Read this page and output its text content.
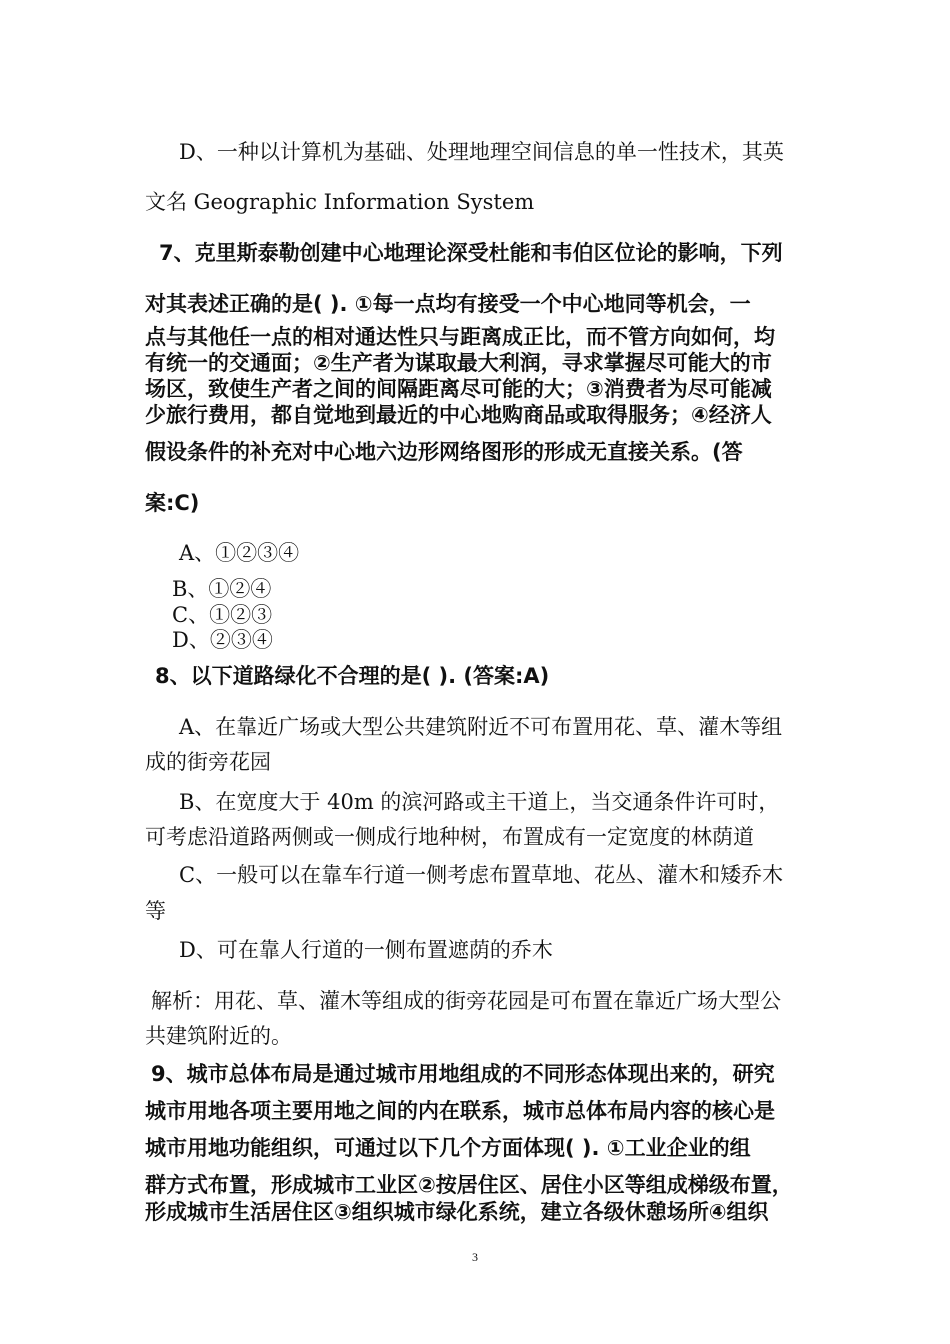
D、一种以计算机为基础、处理地理空间信息的单一性技术，其英
文名 Geographic Information System
7、克里斯泰勒创建中心地理论深受杜能和韦伯区位论的影响，下列
对其表述正确的是( ). ①每一点均有接受一个中心地同等机会，一
点与其他任一点的相对通达性只与距离成正比，而不管方向如何，均
有统一的交通面；②生产者为谋取最大利润，寻求掌握尽可能大的市
场区，致使生产者之间的间隔距离尽可能的大；③消费者为尽可能减
少旅行费用，都自觉地到最近的中心地购商品或取得服务；④经济人
假设条件的补充对中心地六边形网络图形的形成无直接关系。(答
案:C)
A、①②③④
B、①②④
C、①②③
D、②③④
8、以下道路绿化不合理的是( ). (答案:A)
A、在靠近广场或大型公共建筑附近不可布置用花、草、灌木等组
成的街旁花园
B、在宽度大于 40m 的滨河路或主干道上，当交通条件许可时，
可考虑沿道路两侧或一侧成行地种树，布置成有一定宽度的林荫道
C、一般可以在靠车行道一侧考虑布置草地、花丛、灌木和矮乔木
等
D、可在靠人行道的一侧布置遮荫的乔木
解析：用花、草、灌木等组成的街旁花园是可布置在靠近广场大型公
共建筑附近的。
9、城市总体布局是通过城市用地组成的不同形态体现出来的，研究
城市用地各项主要用地之间的内在联系，城市总体布局内容的核心是
城市用地功能组织，可通过以下几个方面体现( ). ①工业企业的组
群方式布置，形成城市工业区②按居住区、居住小区等组成梯级布置，
形成城市生活居住区③组织城市绿化系统，建立各级休憩场所④组织
3
